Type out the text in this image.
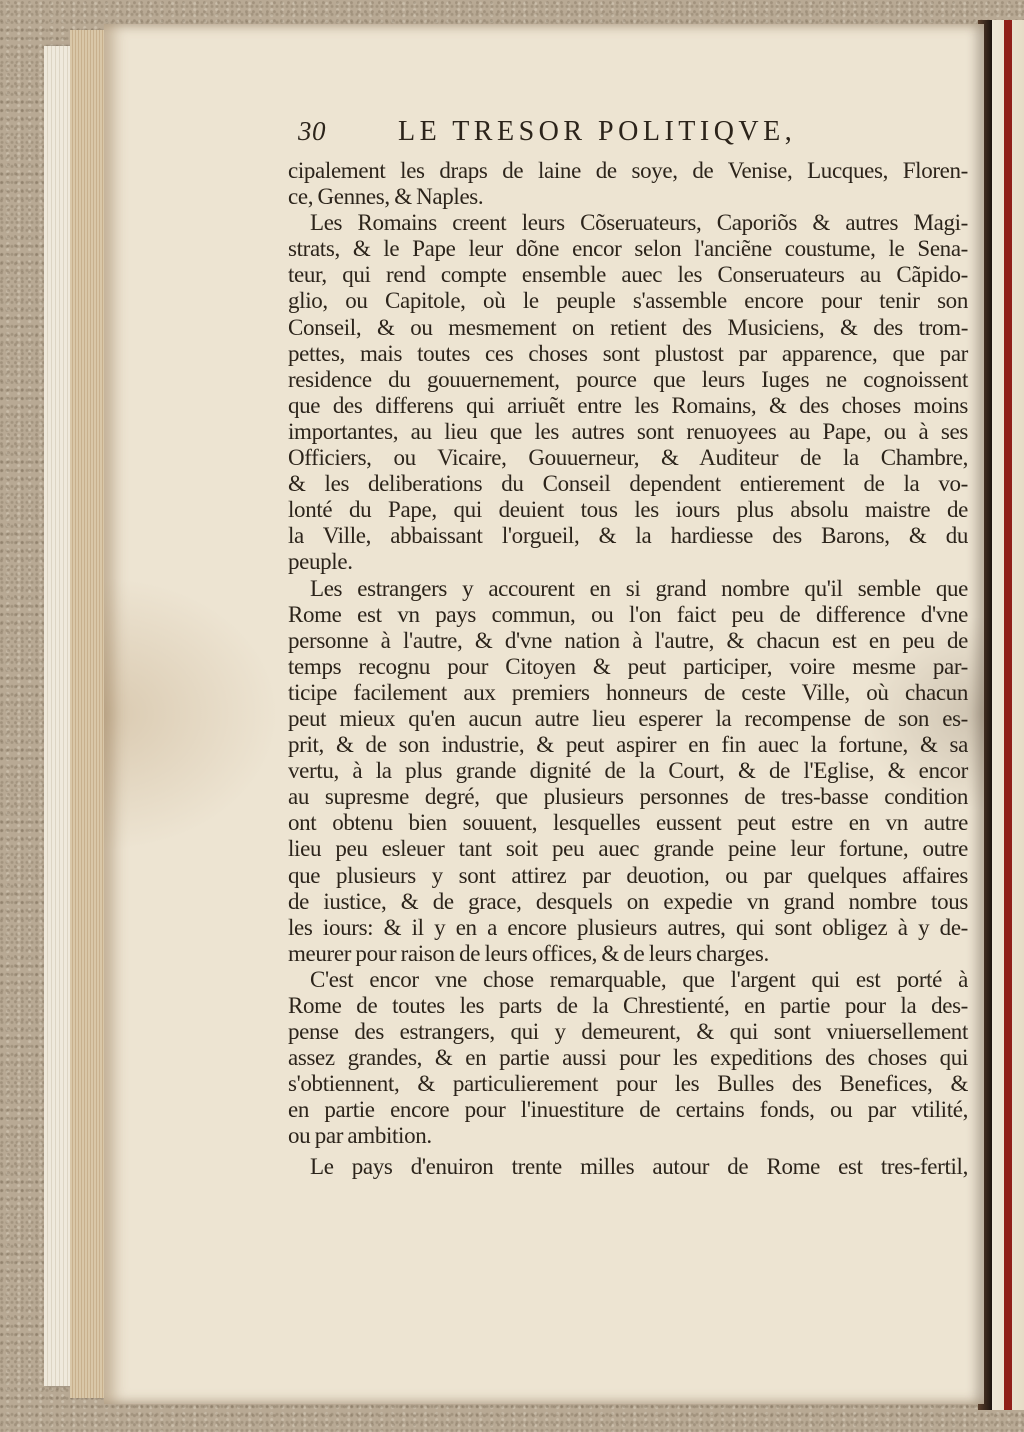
30	LE TRESOR POLITIQVE,
cipalement les draps de laine de soye, de Venise, Lucques, Floren-
ce, Gennes, & Naples.
Les Romains creent leurs Cõseruateurs, Caporiõs & autres Magi-
strats, & le Pape leur dõne encor selon l'anciẽne coustume, le Sena-
teur, qui rend compte ensemble auec les Conseruateurs au Cãpido-
glio, ou Capitole, où le peuple s'assemble encore pour tenir son
Conseil, & ou mesmement on retient des Musiciens, & des trom-
pettes, mais toutes ces choses sont plustost par apparence, que par
residence du gouuernement, pource que leurs Iuges ne cognoissent
que des differens qui arriuẽt entre les Romains, & des choses moins
importantes, au lieu que les autres sont renuoyees au Pape, ou à ses
Officiers, ou Vicaire, Gouuerneur, & Auditeur de la Chambre,
& les deliberations du Conseil dependent entierement de la vo-
lonté du Pape, qui deuient tous les iours plus absolu maistre de
la Ville, abbaissant l'orgueil, & la hardiesse des Barons, & du
peuple.
Les estrangers y accourent en si grand nombre qu'il semble que
Rome est vn pays commun, ou l'on faict peu de difference d'vne
personne à l'autre, & d'vne nation à l'autre, & chacun est en peu de
temps recognu pour Citoyen & peut participer, voire mesme par-
ticipe facilement aux premiers honneurs de ceste Ville, où chacun
peut mieux qu'en aucun autre lieu esperer la recompense de son es-
prit, & de son industrie, & peut aspirer en fin auec la fortune, & sa
vertu, à la plus grande dignité de la Court, & de l'Eglise, & encor
au supresme degré, que plusieurs personnes de tres-basse condition
ont obtenu bien souuent, lesquelles eussent peut estre en vn autre
lieu peu esleuer tant soit peu auec grande peine leur fortune, outre
que plusieurs y sont attirez par deuotion, ou par quelques affaires
de iustice, & de grace, desquels on expedie vn grand nombre tous
les iours: & il y en a encore plusieurs autres, qui sont obligez à y de-
meurer pour raison de leurs offices, & de leurs charges.
C'est encor vne chose remarquable, que l'argent qui est porté à
Rome de toutes les parts de la Chrestienté, en partie pour la des-
pense des estrangers, qui y demeurent, & qui sont vniuersellement
assez grandes, & en partie aussi pour les expeditions des choses qui
s'obtiennent, & particulierement pour les Bulles des Benefices, &
en partie encore pour l'inuestiture de certains fonds, ou par vtilité,
ou par ambition.
Le pays d'enuiron trente milles autour de Rome est tres-fertil,
